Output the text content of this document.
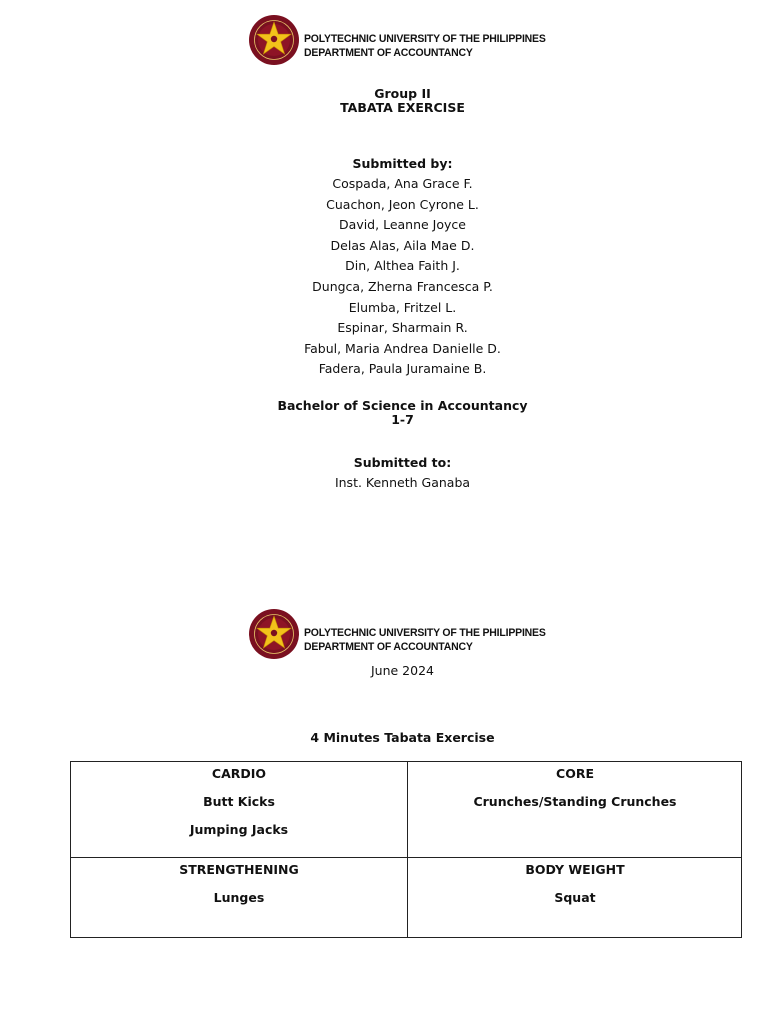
POLYTECHNIC UNIVERSITY OF THE PHILIPPINES
DEPARTMENT OF ACCOUNTANCY
Group II
TABATA EXERCISE
Submitted by:
Cospada, Ana Grace F.
Cuachon, Jeon Cyrone L.
David, Leanne Joyce
Delas Alas, Aila Mae D.
Din, Althea Faith J.
Dungca, Zherna Francesca P.
Elumba, Fritzel L.
Espinar, Sharmain R.
Fabul, Maria Andrea Danielle D.
Fadera, Paula Juramaine B.
Bachelor of Science in Accountancy
1-7
Submitted to:
Inst. Kenneth Ganaba
POLYTECHNIC UNIVERSITY OF THE PHILIPPINES
DEPARTMENT OF ACCOUNTANCY
June 2024
4 Minutes Tabata Exercise
CARDIO
Butt Kicks
Jumping Jacks
CORE
Crunches/Standing Crunches
STRENGTHENING
Lunges
BODY WEIGHT
Squat
